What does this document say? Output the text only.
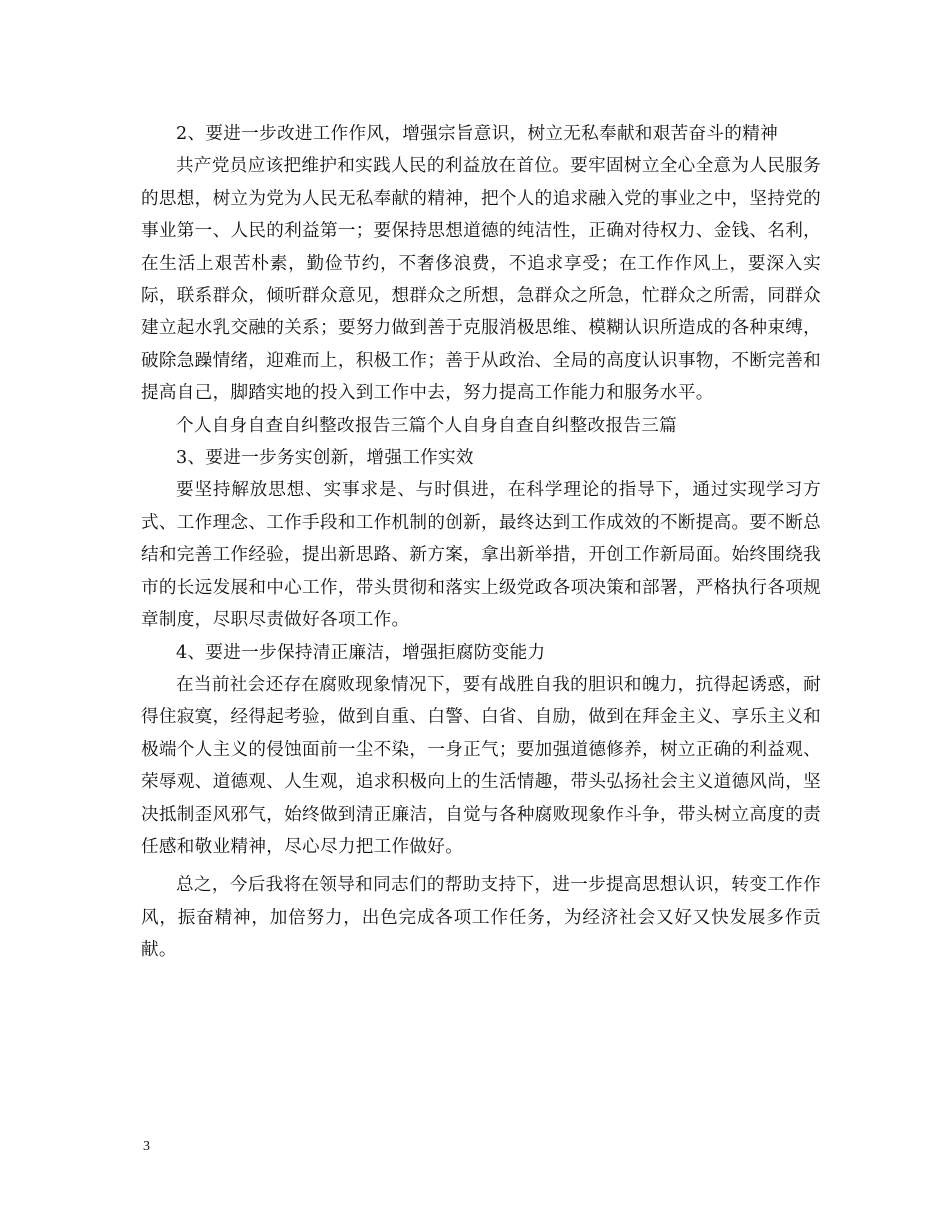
2、要进一步改进工作作风，增强宗旨意识，树立无私奉献和艰苦奋斗的精神

共产党员应该把维护和实践人民的利益放在首位。要牢固树立全心全意为人民服务的思想，树立为党为人民无私奉献的精神，把个人的追求融入党的事业之中，坚持党的事业第一、人民的利益第一；要保持思想道德的纯洁性，正确对待权力、金钱、名利，在生活上艰苦朴素，勤俭节约，不奢侈浪费，不追求享受；在工作作风上，要深入实际，联系群众，倾听群众意见，想群众之所想，急群众之所急，忙群众之所需，同群众建立起水乳交融的关系；要努力做到善于克服消极思维、模糊认识所造成的各种束缚，破除急躁情绪，迎难而上，积极工作；善于从政治、全局的高度认识事物，不断完善和提高自己，脚踏实地的投入到工作中去，努力提高工作能力和服务水平。

个人自身自查自纠整改报告三篇个人自身自查自纠整改报告三篇

3、要进一步务实创新，增强工作实效

要坚持解放思想、实事求是、与时俱进，在科学理论的指导下，通过实现学习方式、工作理念、工作手段和工作机制的创新，最终达到工作成效的不断提高。要不断总结和完善工作经验，提出新思路、新方案，拿出新举措，开创工作新局面。始终围绕我市的长远发展和中心工作，带头贯彻和落实上级党政各项决策和部署，严格执行各项规章制度，尽职尽责做好各项工作。

4、要进一步保持清正廉洁，增强拒腐防变能力

在当前社会还存在腐败现象情况下，要有战胜自我的胆识和魄力，抗得起诱惑，耐得住寂寞，经得起考验，做到自重、白警、白省、自励，做到在拜金主义、享乐主义和极端个人主义的侵蚀面前一尘不染，一身正气；要加强道德修养，树立正确的利益观、荣辱观、道德观、人生观，追求积极向上的生活情趣，带头弘扬社会主义道德风尚，坚决抵制歪风邪气，始终做到清正廉洁，自觉与各种腐败现象作斗争，带头树立高度的责任感和敬业精神，尽心尽力把工作做好。

总之，今后我将在领导和同志们的帮助支持下，进一步提高思想认识，转变工作作风，振奋精神，加倍努力，出色完成各项工作任务，为经济社会又好又快发展多作贡献。

3
